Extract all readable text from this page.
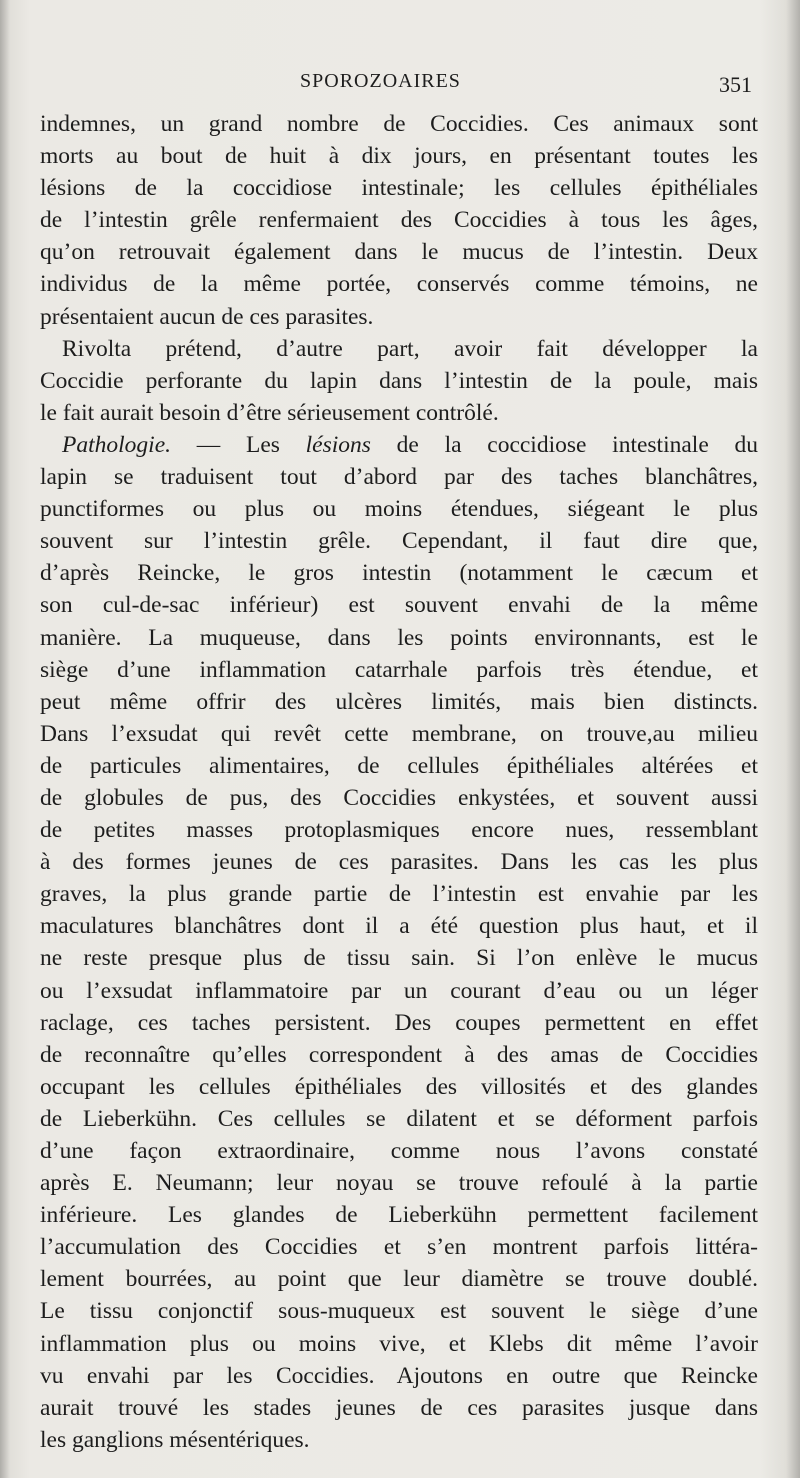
SPOROZOAIRES	351
indemnes, un grand nombre de Coccidies. Ces animaux sont
morts au bout de huit à dix jours, en présentant toutes les
lésions de la coccidiose intestinale; les cellules épithéliales
de l’intestin grêle renfermaient des Coccidies à tous les âges,
qu’on retrouvait également dans le mucus de l’intestin. Deux
individus de la même portée, conservés comme témoins, ne
présentaient aucun de ces parasites.
Rivolta prétend, d’autre part, avoir fait développer la
Coccidie perforante du lapin dans l’intestin de la poule, mais
le fait aurait besoin d’être sérieusement contrôlé.
Pathologie. — Les lésions de la coccidiose intestinale du
lapin se traduisent tout d’abord par des taches blanchâtres,
punctiformes ou plus ou moins étendues, siégeant le plus
souvent sur l’intestin grêle. Cependant, il faut dire que,
d’après Reincke, le gros intestin (notamment le cæcum et
son cul-de-sac inférieur) est souvent envahi de la même
manière. La muqueuse, dans les points environnants, est le
siège d’une inflammation catarrhale parfois très étendue, et
peut même offrir des ulcères limités, mais bien distincts.
Dans l’exsudat qui revêt cette membrane, on trouve,au milieu
de particules alimentaires, de cellules épithéliales altérées et
de globules de pus, des Coccidies enkystées, et souvent aussi
de petites masses protoplasmiques encore nues, ressemblant
à des formes jeunes de ces parasites. Dans les cas les plus
graves, la plus grande partie de l’intestin est envahie par les
maculatures blanchâtres dont il a été question plus haut, et il
ne reste presque plus de tissu sain. Si l’on enlève le mucus
ou l’exsudat inflammatoire par un courant d’eau ou un léger
raclage, ces taches persistent. Des coupes permettent en effet
de reconnaître qu’elles correspondent à des amas de Coccidies
occupant les cellules épithéliales des villosités et des glandes
de Lieberkühn. Ces cellules se dilatent et se déforment parfois
d’une façon extraordinaire, comme nous l’avons constaté
après E. Neumann; leur noyau se trouve refoulé à la partie
inférieure. Les glandes de Lieberkühn permettent facilement
l’accumulation des Coccidies et s’en montrent parfois littéra-
lement bourrées, au point que leur diamètre se trouve doublé.
Le tissu conjonctif sous-muqueux est souvent le siège d’une
inflammation plus ou moins vive, et Klebs dit même l’avoir
vu envahi par les Coccidies. Ajoutons en outre que Reincke
aurait trouvé les stades jeunes de ces parasites jusque dans
les ganglions mésentériques.
